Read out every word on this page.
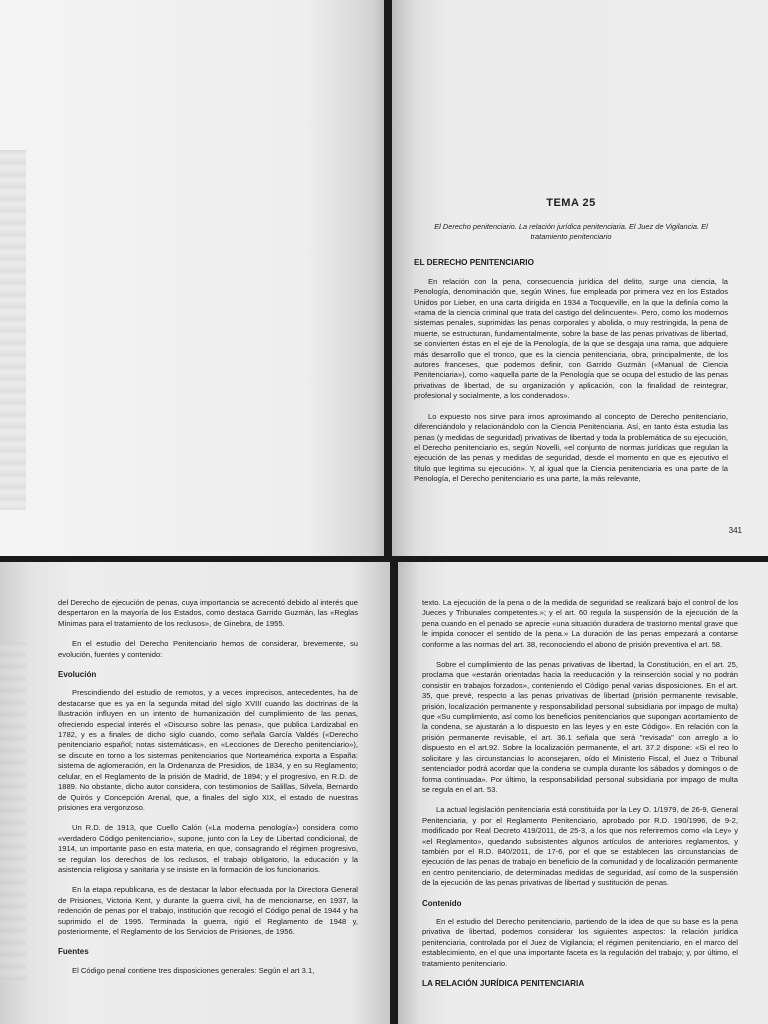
TEMA 25
El Derecho penitenciario. La relación jurídica penitenciaria. El Juez de Vigilancia. El tratamiento penitenciario
EL DERECHO PENITENCIARIO

En relación con la pena, consecuencia jurídica del delito, surge una ciencia, la Penología, denominación que, según Wines, fue empleada por primera vez en los Estados Unidos por Lieber, en una carta dirigida en 1934 a Tocqueville, en la que la definía como la «rama de la ciencia criminal que trata del castigo del delincuente». Pero, como los modernos sistemas penales, suprimidas las penas corporales y abolida, o muy restringida, la pena de muerte, se estructuran, fundamentalmente, sobre la base de las penas privativas de libertad, se convierten éstas en el eje de la Penología, de la que se desgaja una rama, que adquiere más desarrollo que el tronco, que es la ciencia penitenciaria, obra, principalmente, de los autores franceses, que podemos definir, con Garrido Guzmán («Manual de Ciencia Penitenciaria»), como «aquella parte de la Penología que se ocupa del estudio de las penas privativas de libertad, de su organización y aplicación, con la finalidad de reintegrar, profesional y socialmente, a los condenados».

Lo expuesto nos sirve para irnos aproximando al concepto de Derecho penitenciario, diferenciándolo y relacionándolo con la Ciencia Penitenciaria. Así, en tanto ésta estudia las penas (y medidas de seguridad) privativas de libertad y toda la problemática de su ejecución, el Derecho penitenciario es, según Novelli, «el conjunto de normas jurídicas que regulan la ejecución de las penas y medidas de seguridad, desde el momento en que es ejecutivo el título que legitima su ejecución». Y, al igual que la Ciencia penitenciaria es una parte de la Penología, el Derecho penitenciario es una parte, la más relevante,

341

del Derecho de ejecución de penas, cuya importancia se acrecentó debido al interés que despertaron en la mayoría de los Estados, como destaca Garrido Guzmán, las «Reglas Mínimas para el tratamiento de los reclusos», de Ginebra, de 1955.

En el estudio del Derecho Penitenciario hemos de considerar, brevemente, su evolución, fuentes y contenido:

Evolución

Prescindiendo del estudio de remotos, y a veces imprecisos, antecedentes, ha de destacarse que es ya en la segunda mitad del siglo XVIII cuando las doctrinas de la Ilustración influyen en un intento de humanización del cumplimiento de las penas, ofreciendo especial interés el «Discurso sobre las penas», que publica Lardizabal en 1782, y es a finales de dicho siglo cuando, como señala García Valdés («Derecho penitenciario español; notas sistemáticas», en «Lecciones de Derecho penitenciario»), se discute en torno a los sistemas penitenciarios que Norteamérica exporta a España: sistema de aglomeración, en la Ordenanza de Presidios, de 1834, y en su Reglamento; celular, en el Reglamento de la prisión de Madrid, de 1894; y el progresivo, en R.D. de 1889. No obstante, dicho autor considera, con testimonios de Salillas, Silvela, Bernardo de Quirós y Concepción Arenal, que, a finales del siglo XIX, el estado de nuestras prisiones era vergonzoso.

Un R.D. de 1913, que Cuello Calón («La moderna penología») considera como «verdadero Código penitenciario», supone, junto con la Ley de Libertad condicional, de 1914, un importante paso en esta materia, en que, consagrando el régimen progresivo, se regulan los derechos de los reclusos, el trabajo obligatorio, la educación y la asistencia religiosa y sanitaria y se insiste en la formación de los funcionarios.

En la etapa republicana, es de destacar la labor efectuada por la Directora General de Prisiones, Victoria Kent, y durante la guerra civil, ha de mencionarse, en 1937, la redención de penas por el trabajo, institución que recogió el Código penal de 1944 y ha suprimido el de 1995. Terminada la guerra, rigió el Reglamento de 1948 y, posteriormente, el Reglamento de los Servicios de Prisiones, de 1956.

Fuentes

El Código penal contiene tres disposiciones generales: Según el art 3.1,

texto. La ejecución de la pena o de la medida de seguridad se realizará bajo el control de los Jueces y Tribunales competentes.»; y el art. 60 regula la suspensión de la ejecución de la pena cuando en el penado se aprecie «una situación duradera de trastorno mental grave que le impida conocer el sentido de la pena.» La duración de las penas empezará a contarse conforme a las normas del art. 38, reconociendo el abono de prisión preventiva el art. 58.

Sobre el cumplimiento de las penas privativas de libertad, la Constitución, en el art. 25, proclama que «estarán orientadas hacia la reeducación y la reinserción social y no podrán consistir en trabajos forzados», conteniendo el Código penal varias disposiciones. En el art. 35, que prevé, respecto a las penas privativas de libertad (prisión permanente revisable, prisión, localización permanente y responsabilidad personal subsidiaria por impago de multa) que «Su cumplimiento, así como los beneficios penitenciarios que supongan acortamiento de la condena, se ajustarán a lo dispuesto en las leyes y en este Código». En relación con la prisión permanente revisable, el art. 36.1 señala que será "revisada" con arreglo a lo dispuesto en el art.92. Sobre la localización permanente, el art. 37.2 dispone: «Si el reo lo solicitare y las circunstancias lo aconsejaren, oído el Ministerio Fiscal, el Juez o Tribunal sentenciador podrá acordar que la condena se cumpla durante los sábados y domingos o de forma continuada». Por último, la responsabilidad personal subsidiaria por impago de multa se regula en el art. 53.

La actual legislación penitenciaria está constituida por la Ley O. 1/1979, de 26-9, General Penitenciaria, y por el Reglamento Penitenciario, aprobado por R.D. 190/1996, de 9-2, modificado por Real Decreto 419/2011, de 25-3, a los que nos referiremos como «la Ley» y «el Reglamento», quedando subsistentes algunos artículos de anteriores reglamentos, y también por el R.D. 840/2011, de 17-6, por el que se establecen las circunstancias de ejecución de las penas de trabajo en beneficio de la comunidad y de localización permanente en centro penitenciario, de determinadas medidas de seguridad, así como de la suspensión de la ejecución de las penas privativas de libertad y sustitución de penas.

Contenido

En el estudio del Derecho penitenciario, partiendo de la idea de que su base es la pena privativa de libertad, podemos considerar los siguientes aspectos: la relación jurídica penitenciaria, controlada por el Juez de Vigilancia; el régimen penitenciario, en el marco del establecimiento, en el que una importante faceta es la regulación del trabajo; y, por último, el tratamiento penitenciario.

LA RELACIÓN JURÍDICA PENITENCIARIA
